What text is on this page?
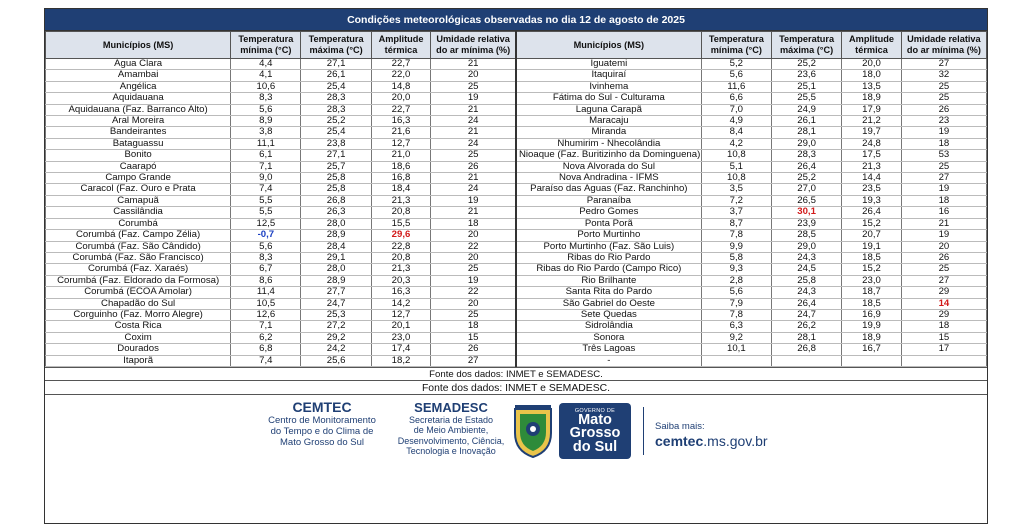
Condições meteorológicas observadas no dia 12 de agosto de 2025
Municípios (MS)	Temperatura mínima (°C)	Temperatura máxima (°C)	Amplitude térmica	Umidade relativa do ar mínima (%)	Municípios (MS)	Temperatura mínima (°C)	Temperatura máxima (°C)	Amplitude térmica	Umidade relativa do ar mínima (%)
Água Clara	4,4	27,1	22,7	21	Iguatemi	5,2	25,2	20,0	27
Amambai	4,1	26,1	22,0	20	Itaquiraí	5,6	23,6	18,0	32
Angélica	10,6	25,4	14,8	25	Ivinhema	11,6	25,1	13,5	25
Aquidauana	8,3	28,3	20,0	19	Fátima do Sul - Culturama	6,6	25,5	18,9	25
Aquidauana (Faz. Barranco Alto)	5,6	28,3	22,7	21	Laguna Carapã	7,0	24,9	17,9	26
Aral Moreira	8,9	25,2	16,3	24	Maracaju	4,9	26,1	21,2	23
Bandeirantes	3,8	25,4	21,6	21	Miranda	8,4	28,1	19,7	19
Bataguassu	11,1	23,8	12,7	24	Nhumirim - Nhecolândia	4,2	29,0	24,8	18
Bonito	6,1	27,1	21,0	25	Nioaque (Faz. Buritizinho da Dominguena)	10,8	28,3	17,5	53
Caarapó	7,1	25,7	18,6	26	Nova Alvorada do Sul	5,1	26,4	21,3	25
Campo Grande	9,0	25,8	16,8	21	Nova Andradina - IFMS	10,8	25,2	14,4	27
Caracol (Faz. Ouro e Prata	7,4	25,8	18,4	24	Paraíso das Águas (Faz. Ranchinho)	3,5	27,0	23,5	19
Camapuã	5,5	26,8	21,3	19	Paranaíba	7,2	26,5	19,3	18
Cassilândia	5,5	26,3	20,8	21	Pedro Gomes	3,7	30,1	26,4	16
Corumbá	12,5	28,0	15,5	18	Ponta Porã	8,7	23,9	15,2	21
Corumbá (Faz. Campo Zélia)	-0,7	28,9	29,6	20	Porto Murtinho	7,8	28,5	20,7	19
Corumbá (Faz. São Cândido)	5,6	28,4	22,8	22	Porto Murtinho (Faz. São Luis)	9,9	29,0	19,1	20
Corumbá (Faz. São Francisco)	8,3	29,1	20,8	20	Ribas do Rio Pardo	5,8	24,3	18,5	26
Corumbá (Faz. Xaraés)	6,7	28,0	21,3	25	Ribas do Rio Pardo (Campo Rico)	9,3	24,5	15,2	25
Corumbá (Faz. Eldorado da Formosa)	8,6	28,9	20,3	19	Rio Brilhante	2,8	25,8	23,0	27
Corumbá (ECOA Amolar)	11,4	27,7	16,3	22	Santa Rita do Pardo	5,6	24,3	18,7	29
Chapadão do Sul	10,5	24,7	14,2	20	São Gabriel do Oeste	7,9	26,4	18,5	14
Corguinho (Faz. Morro Alegre)	12,6	25,3	12,7	25	Sete Quedas	7,8	24,7	16,9	29
Costa Rica	7,1	27,2	20,1	18	Sidrolândia	6,3	26,2	19,9	18
Coxim	6,2	29,2	23,0	15	Sonora	9,2	28,1	18,9	15
Dourados	6,8	24,2	17,4	26	Três Lagoas	10,1	26,8	16,7	17
Itaporã	7,4	25,6	18,2	27	-				
Fonte dos dados: INMET e SEMADESC.
Fonte dos dados: INMET e SEMADESC.
CEMTEC
Centro de Monitoramento
do Tempo e do Clima de
Mato Grosso do Sul
SEMADESC
Secretaria de Estado
de Meio Ambiente,
Desenvolvimento, Ciência,
Tecnologia e Inovação
GOVERNO DE
Mato
Grosso
do Sul
Saiba mais:
cemtec.ms.gov.br
